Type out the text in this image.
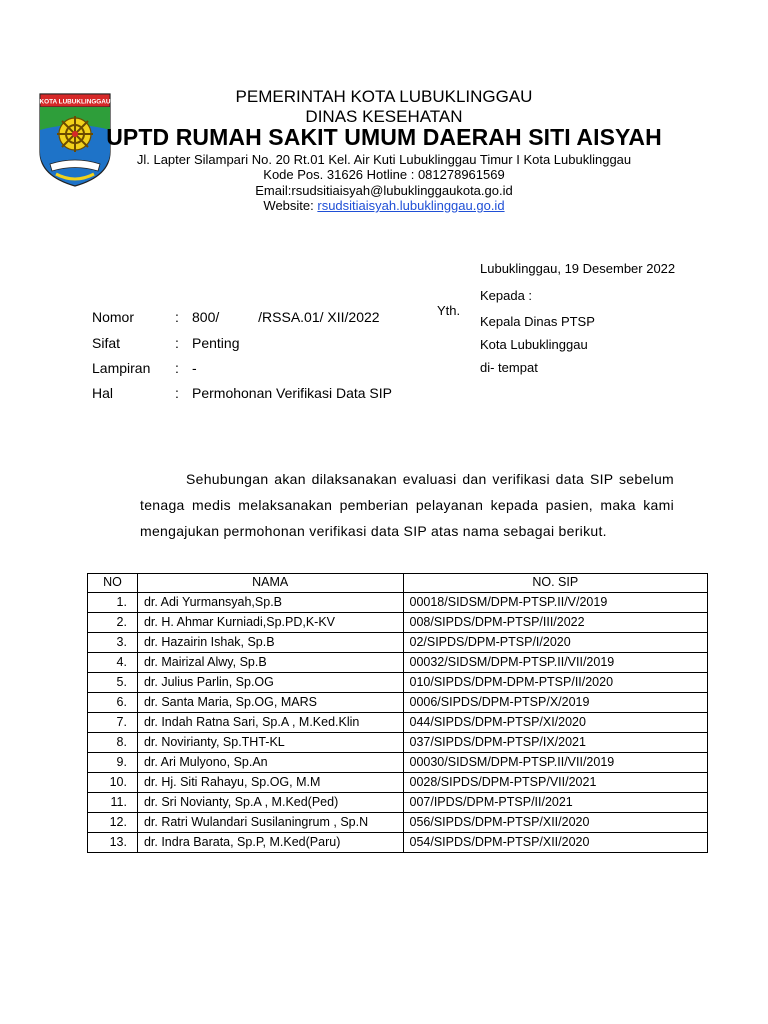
KOTA LUBUKLINGGAU	PEMERINTAH KOTA LUBUKLINGGAU
DINAS KESEHATAN
UPTD RUMAH SAKIT UMUM DAERAH SITI AISYAH
Jl. Lapter Silampari No. 20 Rt.01 Kel. Air Kuti Lubuklinggau Timur I Kota Lubuklinggau
Kode Pos. 31626 Hotline : 081278961569
Email:rsudsitiaisyah@lubuklinggaukota.go.id
Website: rsudsitiaisyah.lubuklinggau.go.id
Lubuklinggau, 19 Desember 2022
Kepada :
Yth.
Kepala Dinas PTSP
Kota Lubuklinggau
di- tempat
Nomor	: 800/          /RSSA.01/ XII/2022
Sifat	: Penting
Lampiran : -
Hal	: Permohonan Verifikasi Data SIP
Sehubungan akan dilaksanakan evaluasi dan verifikasi data SIP sebelum tenaga medis melaksanakan pemberian pelayanan kepada pasien, maka kami mengajukan permohonan verifikasi data SIP atas nama sebagai berikut.
NO	NAMA	NO. SIP
1.	dr. Adi Yurmansyah,Sp.B	00018/SIDSM/DPM-PTSP.II/V/2019
2.	dr. H. Ahmar Kurniadi,Sp.PD,K-KV	008/SIPDS/DPM-PTSP/III/2022
3.	dr. Hazairin Ishak, Sp.B	02/SIPDS/DPM-PTSP/I/2020
4.	dr. Mairizal Alwy, Sp.B	00032/SIDSM/DPM-PTSP.II/VII/2019
5.	dr. Julius Parlin, Sp.OG	010/SIPDS/DPM-DPM-PTSP/II/2020
6.	dr. Santa Maria, Sp.OG, MARS	0006/SIPDS/DPM-PTSP/X/2019
7.	dr. Indah Ratna Sari, Sp.A , M.Ked.Klin	044/SIPDS/DPM-PTSP/XI/2020
8.	dr. Novirianty, Sp.THT-KL	037/SIPDS/DPM-PTSP/IX/2021
9.	dr. Ari Mulyono, Sp.An	00030/SIDSM/DPM-PTSP.II/VII/2019
10.	dr. Hj. Siti Rahayu, Sp.OG, M.M	0028/SIPDS/DPM-PTSP/VII/2021
11.	dr. Sri Novianty, Sp.A , M.Ked(Ped)	007/IPDS/DPM-PTSP/II/2021
12.	dr. Ratri Wulandari Susilaningrum , Sp.N	056/SIPDS/DPM-PTSP/XII/2020
13.	dr. Indra Barata, Sp.P, M.Ked(Paru)	054/SIPDS/DPM-PTSP/XII/2020
